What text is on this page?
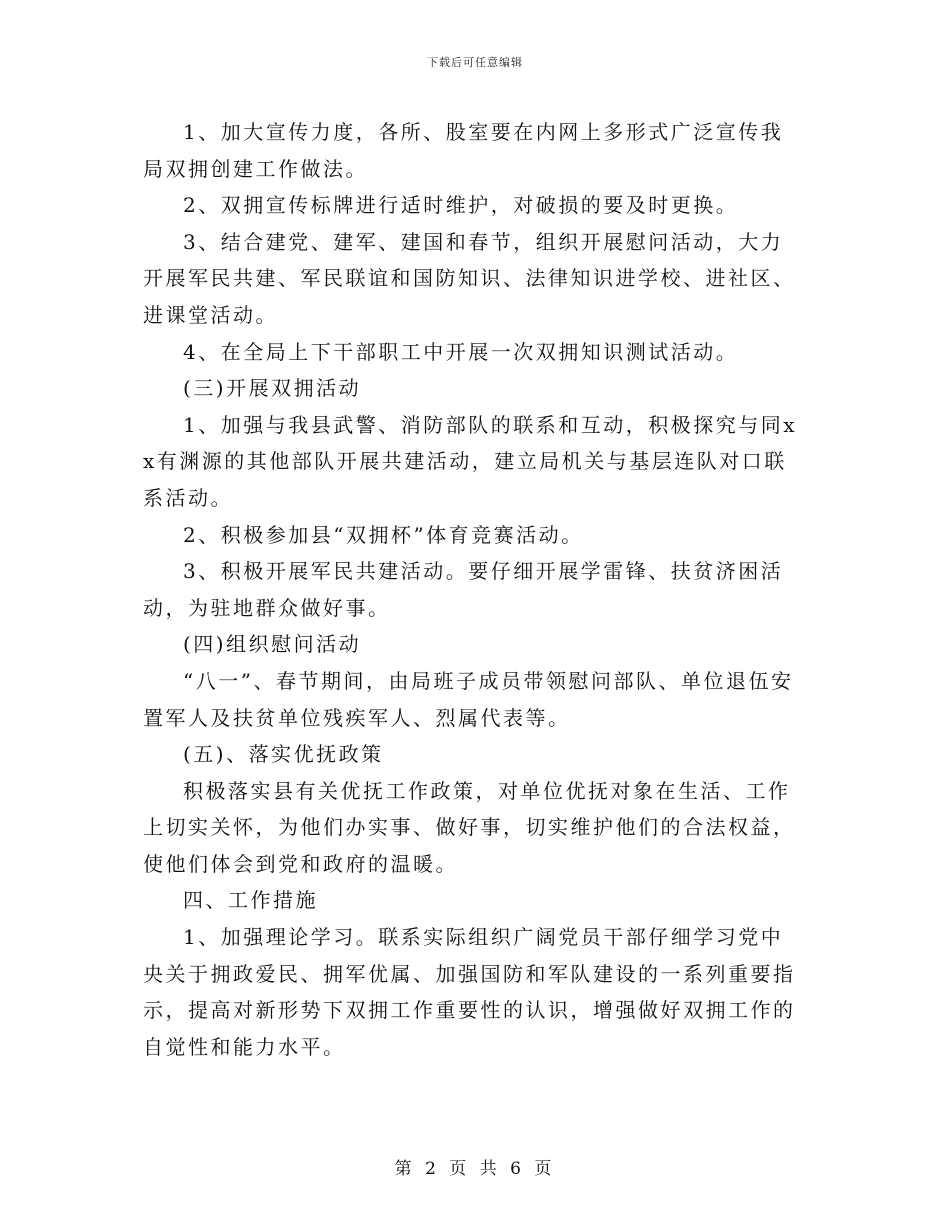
下载后可任意编辑

1、加大宣传力度，各所、股室要在内网上多形式广泛宣传我局双拥创建工作做法。

2、双拥宣传标牌进行适时维护，对破损的要及时更换。

3、结合建党、建军、建国和春节，组织开展慰问活动，大力开展军民共建、军民联谊和国防知识、法律知识进学校、进社区、进课堂活动。

4、在全局上下干部职工中开展一次双拥知识测试活动。

(三)开展双拥活动

1、加强与我县武警、消防部队的联系和互动，积极探究与同xx有渊源的其他部队开展共建活动，建立局机关与基层连队对口联系活动。

2、积极参加县“双拥杯”体育竞赛活动。

3、积极开展军民共建活动。要仔细开展学雷锋、扶贫济困活动，为驻地群众做好事。

(四)组织慰问活动

“八一”、春节期间，由局班子成员带领慰问部队、单位退伍安置军人及扶贫单位残疾军人、烈属代表等。

(五)、落实优抚政策

积极落实县有关优抚工作政策，对单位优抚对象在生活、工作上切实关怀，为他们办实事、做好事，切实维护他们的合法权益，使他们体会到党和政府的温暖。

四、工作措施

1、加强理论学习。联系实际组织广阔党员干部仔细学习党中央关于拥政爱民、拥军优属、加强国防和军队建设的一系列重要指示，提高对新形势下双拥工作重要性的认识，增强做好双拥工作的自觉性和能力水平。

第 2 页 共 6 页
